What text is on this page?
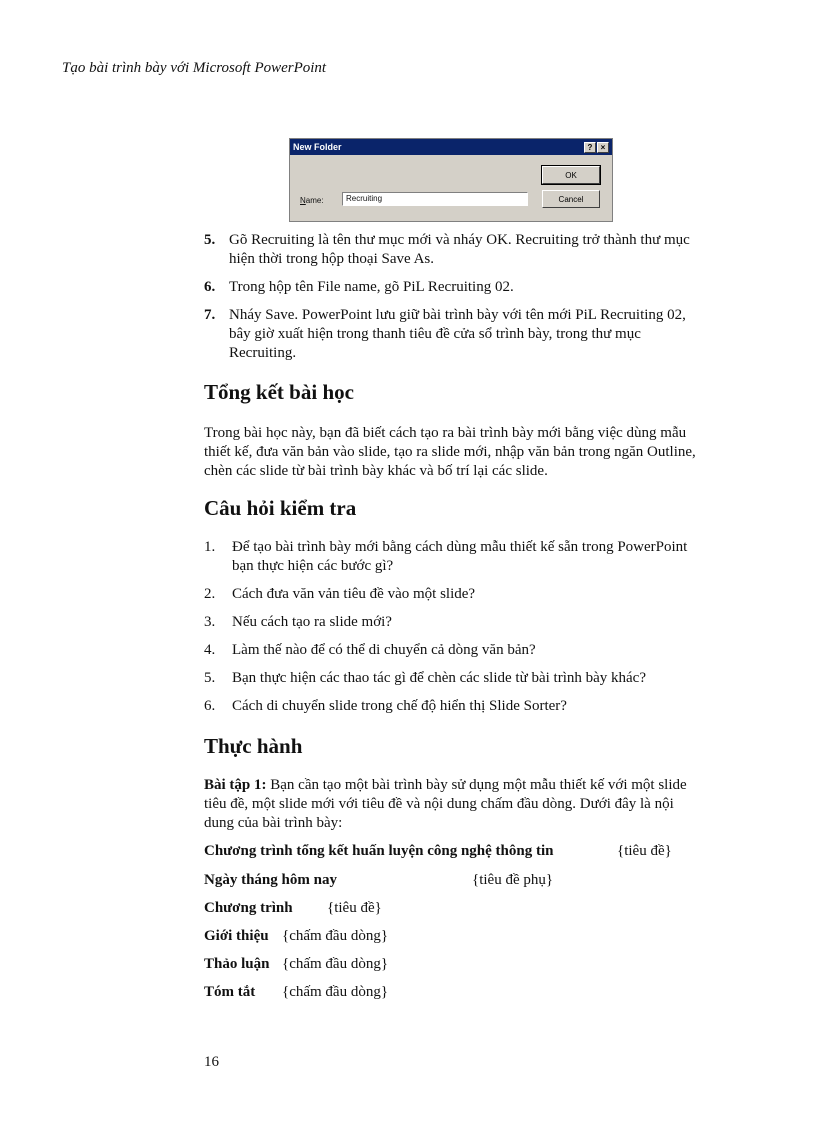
Tạo bài trình bày với Microsoft PowerPoint
New Folder	?	×
OK
Cancel
Name:	Recruiting
5. Gõ Recruiting là tên thư mục mới và nháy OK. Recruiting trở thành thư mục hiện thời trong hộp thoại Save As.
6. Trong hộp tên File name, gõ PiL Recruiting 02.
7. Nháy Save. PowerPoint lưu giữ bài trình bày với tên mới PiL Recruiting 02, bây giờ xuất hiện trong thanh tiêu đề cửa sổ trình bày, trong thư mục Recruiting.
Tổng kết bài học
Trong bài học này, bạn đã biết cách tạo ra bài trình bày mới bằng việc dùng mẫu thiết kế, đưa văn bản vào slide, tạo ra slide mới, nhập văn bản trong ngăn Outline, chèn các slide từ bài trình bày khác và bố trí lại các slide.
Câu hỏi kiểm tra
1.	Để tạo bài trình bày mới bằng cách dùng mẫu thiết kế sẵn trong PowerPoint bạn thực hiện các bước gì?
2.	Cách đưa văn vản tiêu đề vào một slide?
3.	Nếu cách tạo ra slide mới?
4.	Làm thế nào để có thể di chuyển cả dòng văn bản?
5.	Bạn thực hiện các thao tác gì để chèn các slide từ bài trình bày khác?
6.	Cách di chuyển slide trong chế độ hiển thị Slide Sorter?
Thực hành
Bài tập 1: Bạn cần tạo một bài trình bày sử dụng một mẫu thiết kế với một slide tiêu đề, một slide mới với tiêu đề và nội dung chấm đầu dòng. Dưới đây là nội dung của bài trình bày:
Chương trình tổng kết huấn luyện công nghệ thông tin	{tiêu đề}
Ngày tháng hôm nay	{tiêu đề phụ}
Chương trình {tiêu đề}
Giới thiệu {chấm đầu dòng}
Thảo luận {chấm đầu dòng}
Tóm tắt {chấm đầu dòng}
16
